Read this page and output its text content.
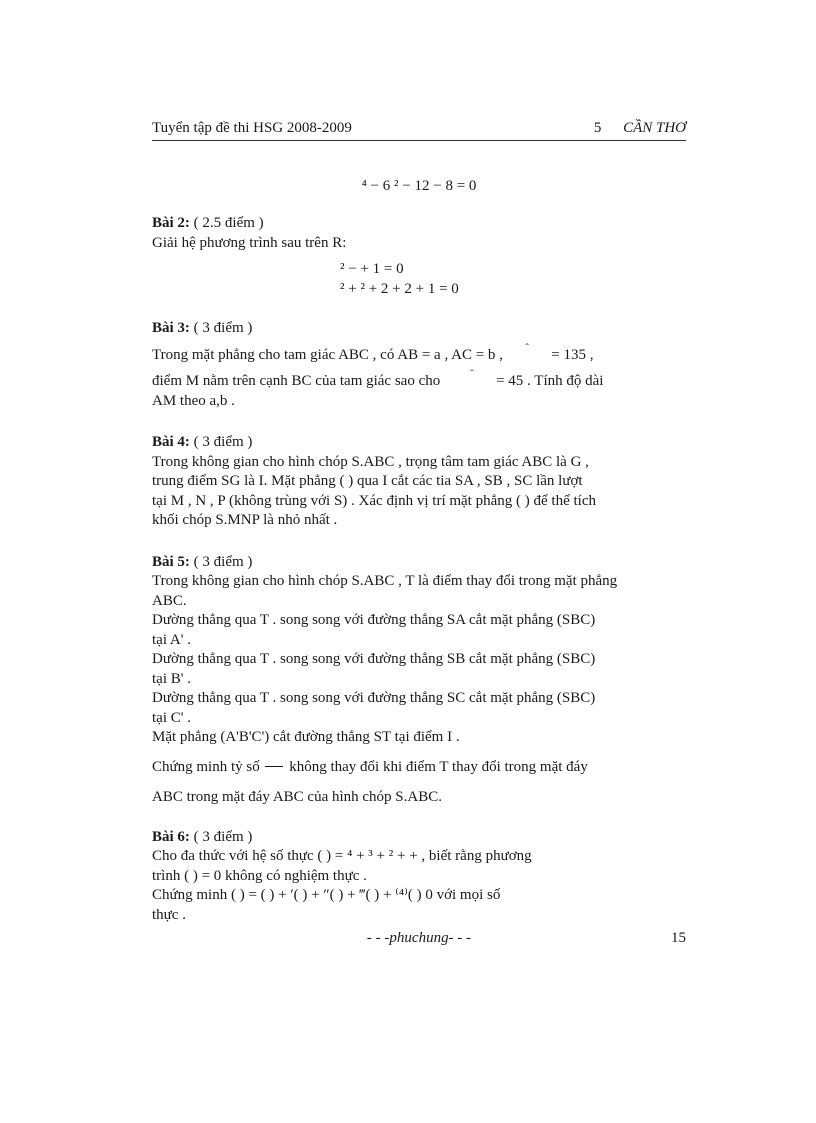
Tuyển tập đề thi HSG 2008-2009	5 CẦN THƠ
⁴ − 6 ² − 12 − 8 = 0
Bài 2: ( 2.5 điểm )

Giải hệ phương trình sau trên R:

² − + 1 = 0
² + ² + 2 + 2 + 1 = 0
Bài 3: ( 3 điểm )

Trong mặt phẳng cho tam giác ABC , có AB = a , AC = b , $^ˆ$ = 135 ,

điểm M nằm trên cạnh BC của tam giác sao cho	$^ˆ$ = 45 . Tính độ dài

AM theo a,b .

Bài 4: ( 3 điểm )

Trong không gian cho hình chóp S.ABC , trọng tâm tam giác ABC là G ,

trung điểm SG là I. Mặt phẳng ( ) qua I cắt các tia SA , SB , SC lần lượt

tại M , N , P (không trùng với S) . Xác định vị trí mặt phẳng ( ) để thể tích

khối chóp S.MNP là nhỏ nhất .

Bài 5: ( 3 điểm )

Trong không gian cho hình chóp S.ABC , T là điểm thay đổi trong mặt phẳng

ABC.

Dường thẳng qua T . song song với đường thẳng SA cắt mặt phẳng (SBC)

tại A' .

Dường thẳng qua T . song song với đường thẳng SB cắt mặt phẳng (SBC)

tại B' .

Dường thẳng qua T . song song với đường thẳng SC cắt mặt phẳng (SBC)

tại C' .

Mặt phẳng (A'B'C') cắt đường thẳng ST tại điểm I .

Chứng minh tỷ số không thay đổi khi điểm T thay đổi trong mặt đáy

ABC trong mặt đáy ABC của hình chóp S.ABC.

Bài 6: ( 3 điểm )

Cho đa thức với hệ số thực ( ) = ⁴ + ³ + ² + + , biết rằng phương

trình ( ) = 0 không có nghiệm thực .

Chứng minh ( ) = ( ) + ′( ) + ″( ) + ‴( ) + ⁽⁴⁾( ) 0 với mọi số

thực .

- - -phuchung- - -	15
